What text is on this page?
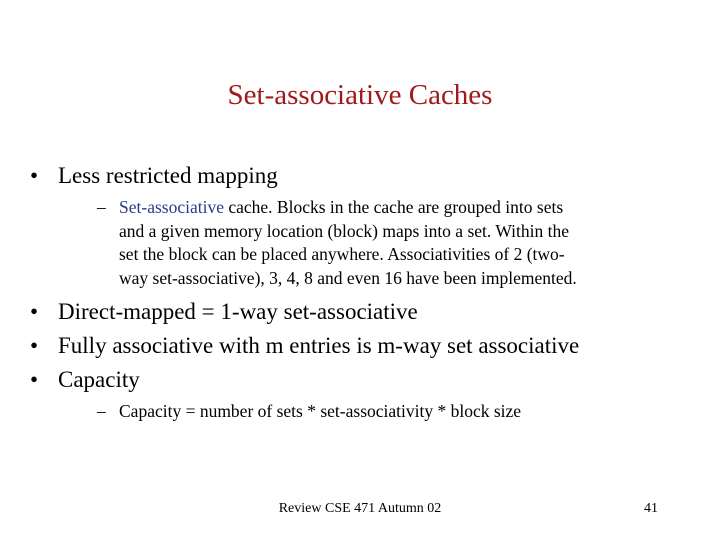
Set-associative Caches
• Less restricted mapping
– Set-associative cache. Blocks in the cache are grouped into sets
and a given memory location (block) maps into a set. Within the
set the block can be placed anywhere. Associativities of 2 (two-
way set-associative), 3, 4, 8 and even 16 have been implemented.
• Direct-mapped = 1-way set-associative
• Fully associative with m entries is m-way set associative
• Capacity
– Capacity = number of sets * set-associativity * block size
Review CSE 471 Autumn 02	41
